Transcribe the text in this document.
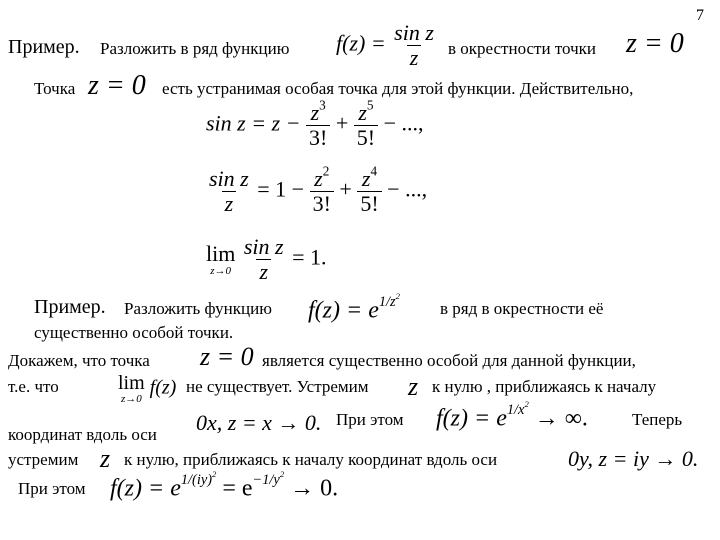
7
Пример. Разложить в ряд функцию $f(z) = \frac{\text{sin z}}{z}$ в окрестности точки z = 0
Точка z = 0 есть устранимая особая точка для этой функции. Действительно,
$\sin z = z - \frac{z^3}{3!} + \frac{z^5}{5!}$ − ...,
$\frac{\text{sin z}}{z} = 1 - \frac{z^2}{3!} + \frac{z^4}{5!}$ − ...,
lim
z→0
$\frac{\text{sin z}}{z} = 1$.
Пример. Разложить функцию $f(z) = e^{1/z^2}$
в ряд в окрестности её
существенно особой точки.
Докажем, что точка z = 0 является существенно особой для данной функции,
т.е. что	lim
z→0
f(z) не существует. Устремим z к нулю , приближаясь к началу
0x, z = x → 0. При этом $f(z) = e^{1/x^2}$ → ∞.	Теперь
координат вдоль оси
устремим z к нулю, приближаясь к началу координат вдоль оси	0y, z = iy → 0.
При этом $f(z) = e^{1/(iy)^2} = e^{-1/y^2} \to 0$.
